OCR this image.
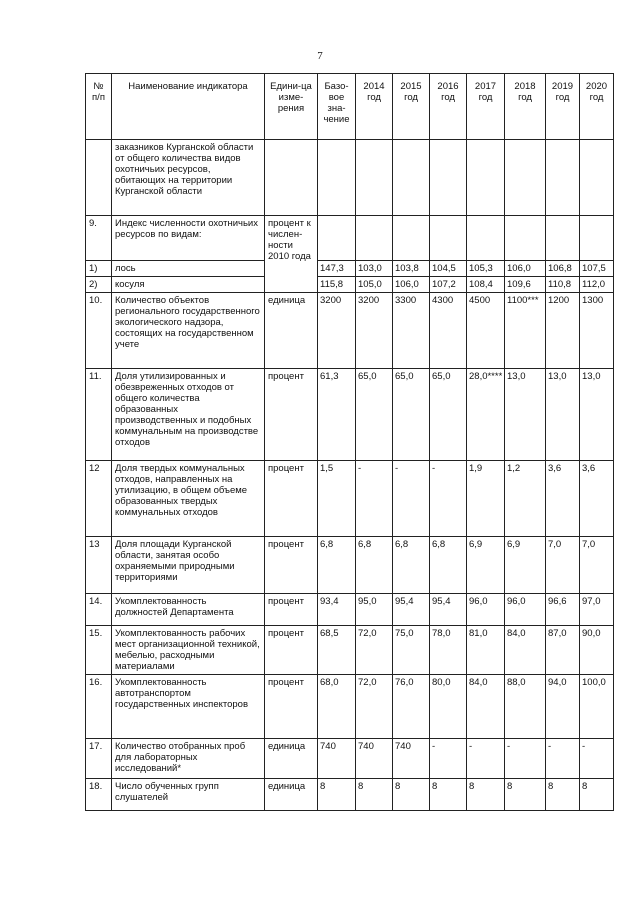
7
№ п/п	Наименование индикатора	Едини-ца изме-рения	Базо-вое зна-чение	2014 год	2015 год	2016 год	2017 год	2018 год	2019 год	2020 год
	заказников Курганской области от общего количества видов охотничьих ресурсов, обитающих на территории Курганской области									
9.	Индекс численности охотничьих ресурсов по видам:	процент к числен-ности 2010 года								
1)	лось		147,3	103,0	103,8	104,5	105,3	106,0	106,8	107,5
2)	косуля		115,8	105,0	106,0	107,2	108,4	109,6	110,8	112,0
10.	Количество объектов регионального государственного экологического надзора, состоящих на государственном учете	единица	3200	3200	3300	4300	4500	1100***	1200	1300
11.	Доля утилизированных и обезвреженных отходов от общего количества образованных производственных и подобных коммунальным на производстве отходов	процент	61,3	65,0	65,0	65,0	28,0****	13,0	13,0	13,0
12	Доля твердых коммунальных отходов, направленных на утилизацию, в общем объеме образованных твердых коммунальных отходов	процент	1,5	-	-	-	1,9	1,2	3,6	3,6
13	Доля площади Курганской области, занятая особо охраняемыми природными территориями	процент	6,8	6,8	6,8	6,8	6,9	6,9	7,0	7,0
14.	Укомплектованность должностей Департамента	процент	93,4	95,0	95,4	95,4	96,0	96,0	96,6	97,0
15.	Укомплектованность рабочих мест организационной техникой, мебелью, расходными материалами	процент	68,5	72,0	75,0	78,0	81,0	84,0	87,0	90,0
16.	Укомплектованность автотранспортом государственных инспекторов	процент	68,0	72,0	76,0	80,0	84,0	88,0	94,0	100,0
17.	Количество отобранных проб для лабораторных исследований*	единица	740	740	740	-	-	-	-	-
18.	Число обученных групп слушателей	единица	8	8	8	8	8	8	8	8
